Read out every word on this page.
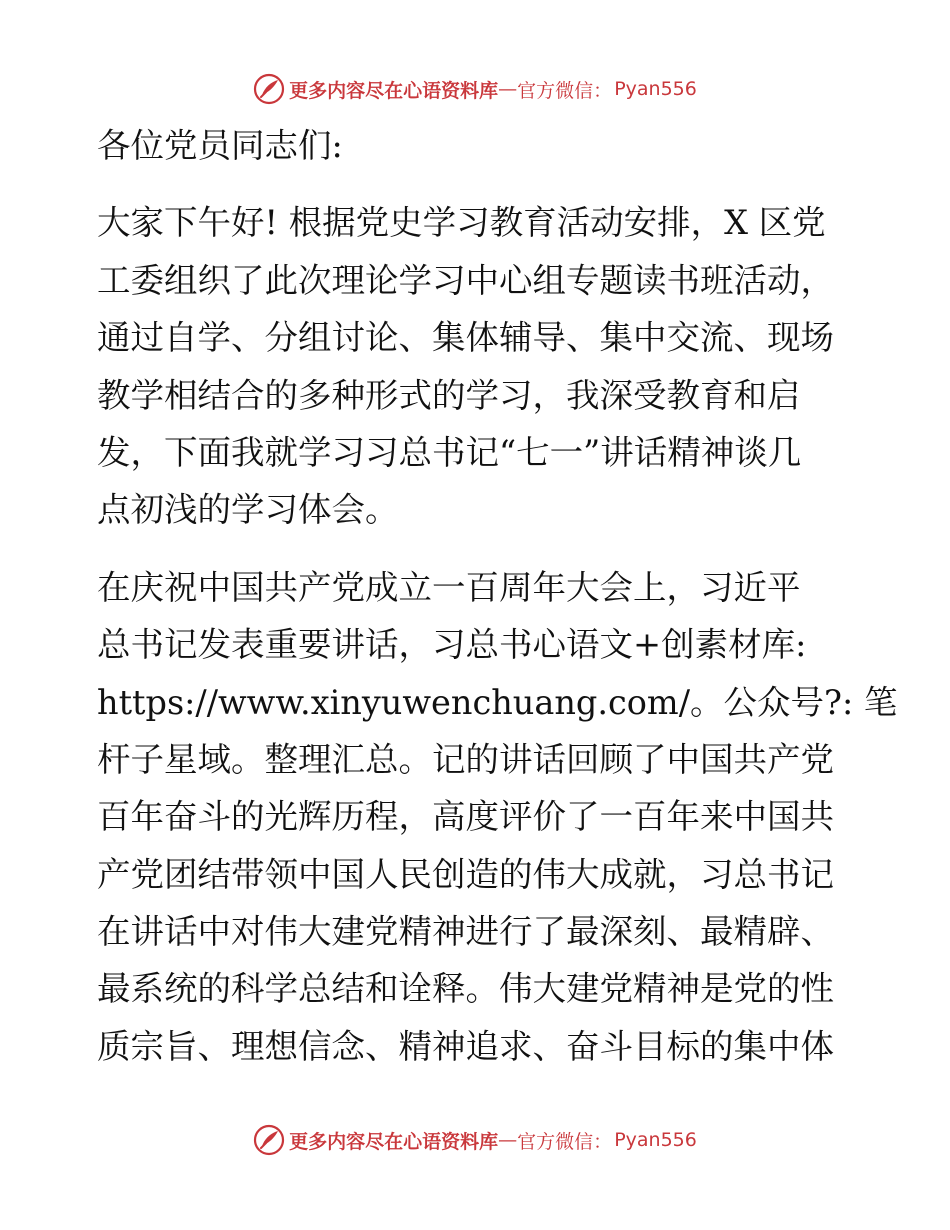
更多内容尽在心语资料库 — 官方微信： Pyan556

各位党员同志们:

大家下午好! 根据党史学习教育活动安排，X 区党
工委组织了此次理论学习中心组专题读书班活动，
通过自学、分组讨论、集体辅导、集中交流、现场
教学相结合的多种形式的学习，我深受教育和启
发，下面我就学习习总书记“七一”讲话精神谈几
点初浅的学习体会。

在庆祝中国共产党成立一百周年大会上，习近平
总书记发表重要讲话，习总书心语文+创素材库:
https://www.xinyuwenchuang.com/。公众号?: 笔
杆子星域。整理汇总。记的讲话回顾了中国共产党
百年奋斗的光辉历程，高度评价了一百年来中国共
产党团结带领中国人民创造的伟大成就，习总书记
在讲话中对伟大建党精神进行了最深刻、最精辟、
最系统的科学总结和诠释。伟大建党精神是党的性
质宗旨、理想信念、精神追求、奋斗目标的集中体

更多内容尽在心语资料库 — 官方微信： Pyan556
